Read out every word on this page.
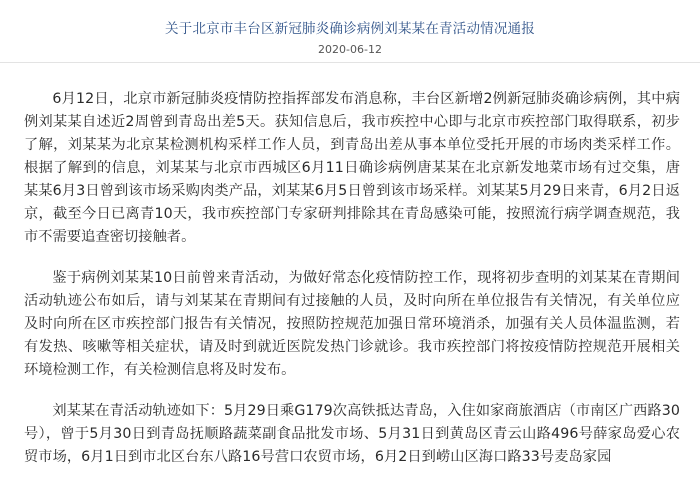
关于北京市丰台区新冠肺炎确诊病例刘某某在青活动情况通报
2020-06-12

6月12日，北京市新冠肺炎疫情防控指挥部发布消息称，丰台区新增2例新冠肺炎确诊病例，其中病例刘某某自述近2周曾到青岛出差5天。获知信息后，我市疾控中心即与北京市疾控部门取得联系，初步了解，刘某某为北京某检测机构采样工作人员，到青岛出差从事本单位受托开展的市场肉类采样工作。根据了解到的信息，刘某某与北京市西城区6月11日确诊病例唐某某在北京新发地菜市场有过交集，唐某某6月3日曾到该市场采购肉类产品，刘某某6月5日曾到该市场采样。刘某某5月29日来青，6月2日返京，截至今日已离青10天，我市疾控部门专家研判排除其在青岛感染可能，按照流行病学调查规范，我市不需要追查密切接触者。

鉴于病例刘某某10日前曾来青活动，为做好常态化疫情防控工作，现将初步查明的刘某某在青期间活动轨迹公布如后，请与刘某某在青期间有过接触的人员，及时向所在单位报告有关情况，有关单位应及时向所在区市疾控部门报告有关情况，按照防控规范加强日常环境消杀，加强有关人员体温监测，若有发热、咳嗽等相关症状，请及时到就近医院发热门诊就诊。我市疾控部门将按疫情防控规范开展相关环境检测工作，有关检测信息将及时发布。

刘某某在青活动轨迹如下：5月29日乘G179次高铁抵达青岛，入住如家商旅酒店（市南区广西路30号），曾于5月30日到青岛抚顺路蔬菜副食品批发市场、5月31日到黄岛区青云山路496号薛家岛爱心农贸市场，6月1日到市北区台东八路16号营口农贸市场，6月2日到崂山区海口路33号麦岛家园
